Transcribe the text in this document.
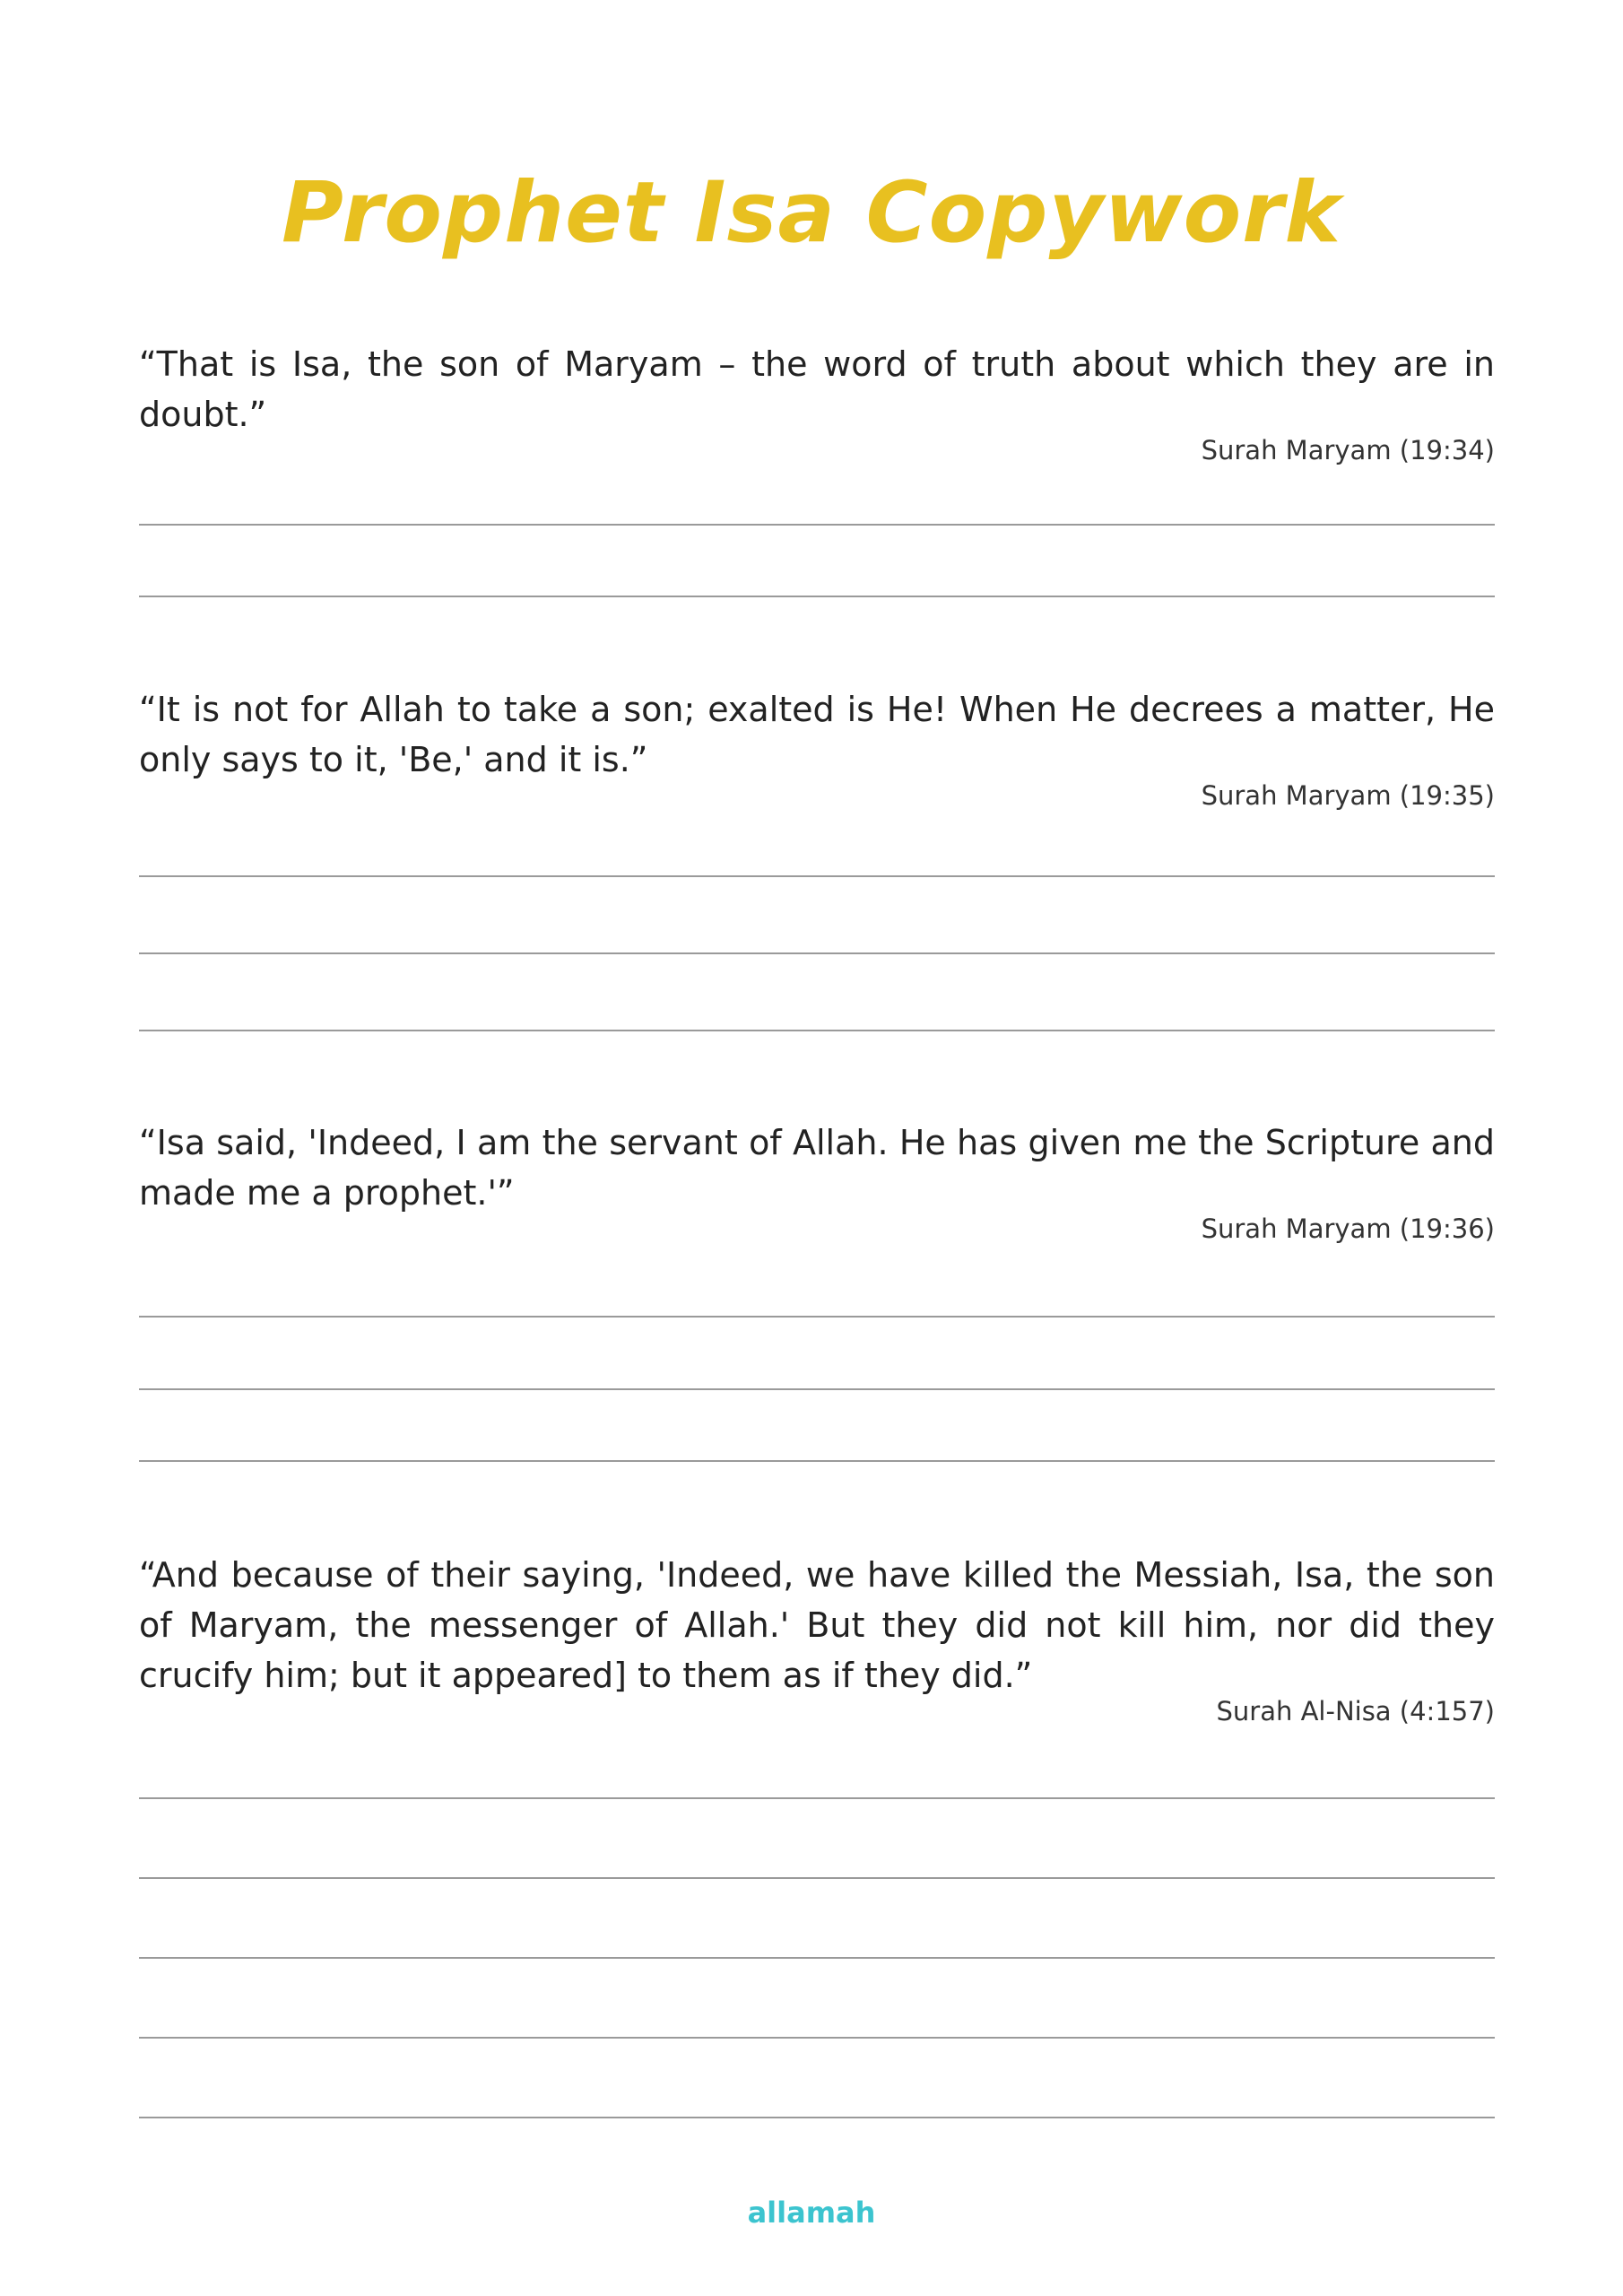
Prophet Isa Copywork
“That is Isa, the son of Maryam – the word of truth about which they are in doubt.”
Surah Maryam (19:34)
“It is not for Allah to take a son; exalted is He! When He decrees a matter, He only says to it, 'Be,' and it is.”
Surah Maryam (19:35)
“Isa said, 'Indeed, I am the servant of Allah. He has given me the Scripture and made me a prophet.'”
Surah Maryam (19:36)
“And because of their saying, 'Indeed, we have killed the Messiah, Isa, the son of Maryam, the messenger of Allah.' But they did not kill him, nor did they crucify him; but it appeared] to them as if they did.”
Surah Al-Nisa (4:157)
allamah
